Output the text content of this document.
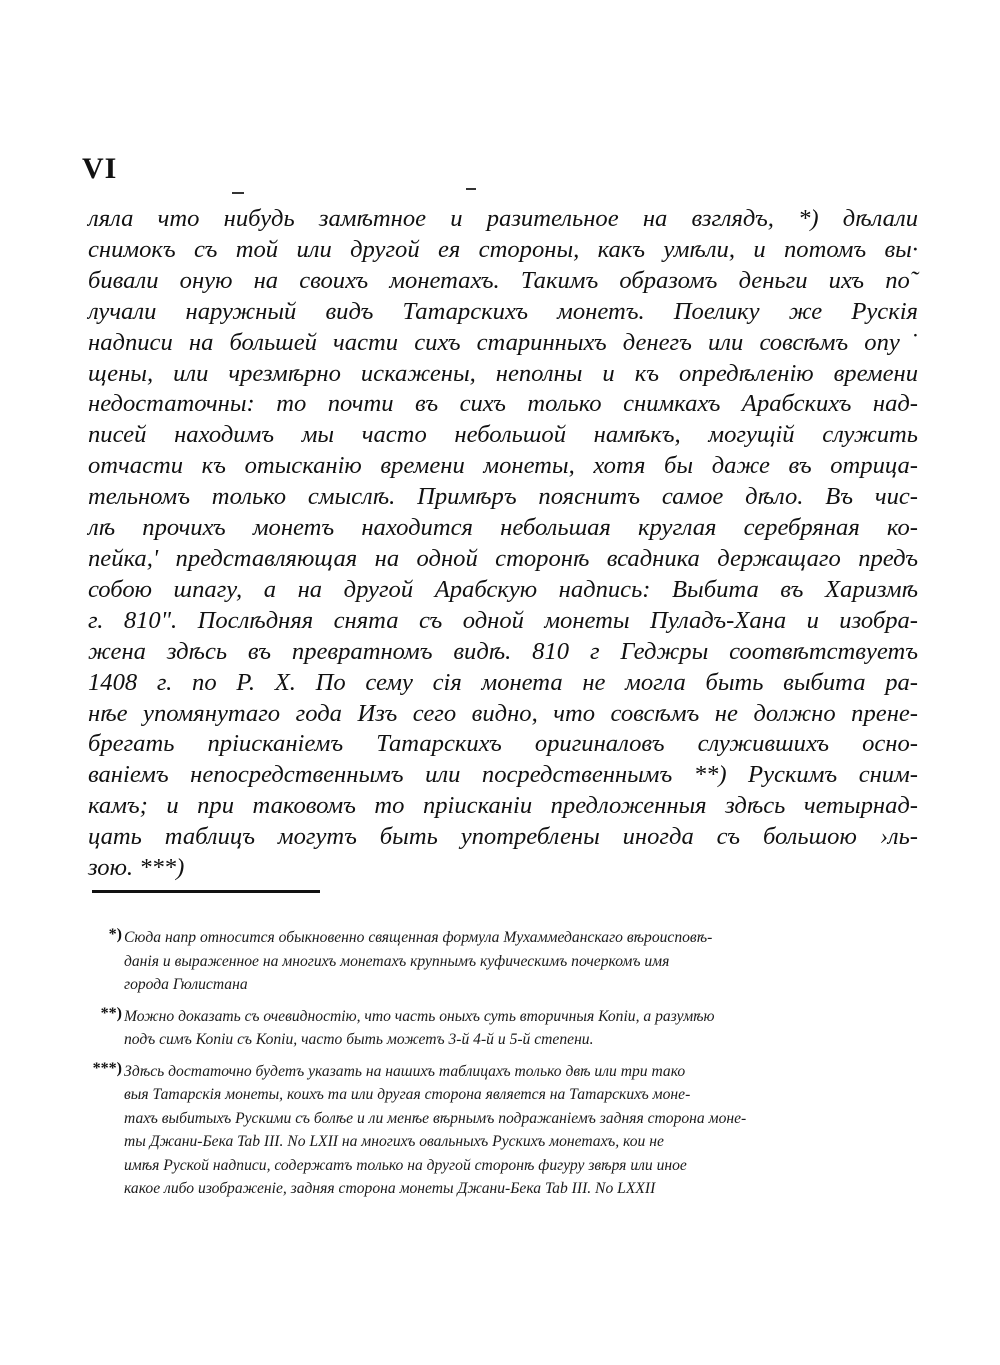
VI
ляла что нибудь замѣтное и разительное на взглядъ, *) дѣлали
снимокъ съ той или другой ея стороны, какъ умѣли, и потомъ вы·
бивали оную на своихъ монетахъ. Такимъ образомъ деньги ихъ по˜
лучали наружный видъ Татарскихъ монетъ. Поелику же Рускiя
надписи на большей части сихъ старинныхъ денегъ или совсѣмъ опу˙
щены, или чрезмѣрно искажены, неполны и къ опредѣленiю времени
недостаточны: то почти въ сихъ только снимкахъ Арабскихъ над-
писей находимъ мы часто небольшой намѣкъ, могущiй служить
отчасти къ отысканiю времени монеты, хотя бы даже въ отрица-
тельномъ только смыслѣ. Примѣръ пояснитъ самое дѣло. Въ чис-
лѣ прочихъ монетъ находится небольшая круглая серебряная ко-
пейка,' представляющая на одной сторонѣ всадника держащаго предъ
собою шпагу, а на другой Арабскую надпись: Выбита въ Харизмѣ
г. 810". Послѣдняя снята съ одной монеты Пуладъ-Хана и изобра-
жена здѣсь въ превратномъ видѣ. 810 г Геджры соотвѣтствуетъ
1408 г. по Р. Х. По сему сiя монета не могла быть выбита ра-
нѣе упомянутаго года Изъ сего видно, что совсѣмъ не должно прене-
брегать прiисканiемъ Татарскихъ оригиналовъ служившихъ осно-
ванiемъ непосредственнымъ или посредственнымъ **) Рускимъ сним-
камъ; и при таковомъ то прiисканiи предложенныя здѣсь четырнад-
цать таблицъ могутъ быть употреблены иногда съ большою ›ль-
зою. ***)
*) Сюда напр относится обыкновенно священная формула Мухаммеданскаго вѣроисповѣ-
данiя и выраженное на многихъ монетахъ крупнымъ куфическимъ почеркомъ имя
города Гюлистана
**) Можно доказать съ очевидностiю, что часть оныхъ суть вторичныя Копiи, а разумѣю
подъ симъ Копiи съ Копiи, часто быть можетъ 3-й 4-й и 5-й степени.
***) Здѣсь достаточно будетъ указать на нашихъ таблицахъ только двѣ или три тако
выя Татарскiя монеты, коихъ та или другая сторона является на Татарскихъ моне-
тахъ выбитыхъ Рускими съ болѣе и ли менѣе вѣрнымъ подражанiемъ задняя сторона моне-
ты Джани-Бека Tab III. No LXII на многихъ овальныхъ Рускихъ монетахъ, кои не
имѣя Руской надписи, содержатъ только на другой сторонѣ фигуру звѣря или иное
какое либо изображенiе, задняя сторона монеты Джани-Бека Tab III. No LXXII
